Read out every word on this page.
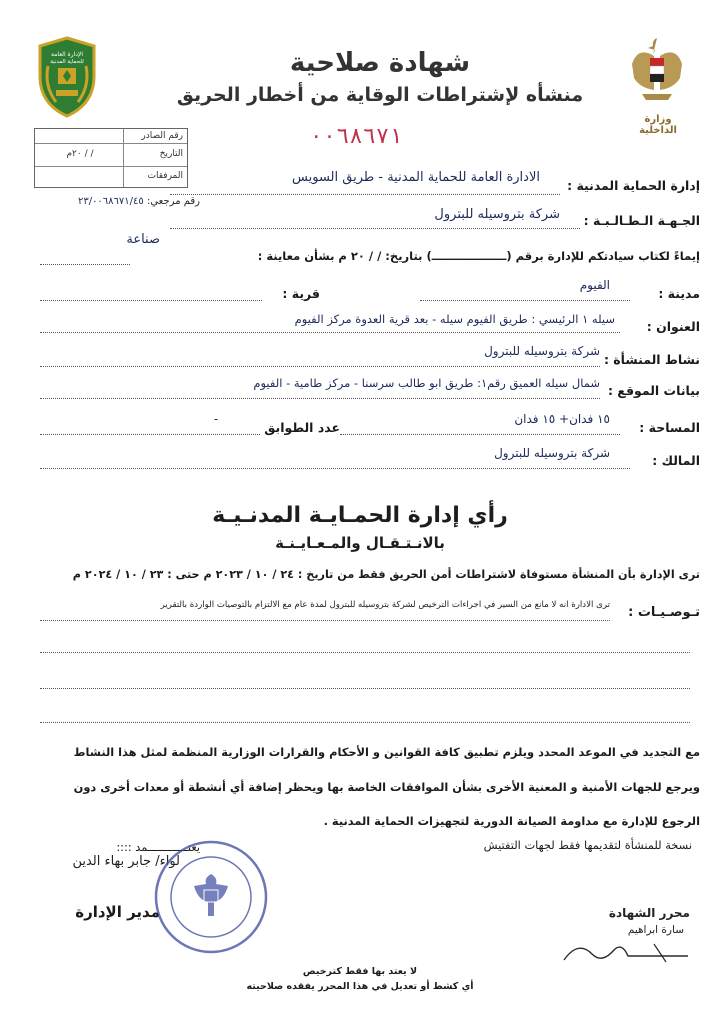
الإدارة العامة
للحماية المدنية
وزارة الداخلية
شهادة صلاحية
منشأه لإشتراطات الوقاية من أخطار الحريق
٠٠٦٨٦٧١
رقم الصادر
التاريخ
/ / ٢٠م
المرفقات
رقم مرجعي: ٢٣/٠٠٦٨٦٧١/٤٥
إدارة الحماية المدنية :
الادارة العامة للحماية المدنية - طريق السويس
الجـهـة الـطـالـبـة :
شركة بتروسيله للبترول
صناعة
إيماءً لكتاب سيادتكم للإدارة برقم (ـــــــــــــــــــ) بتاريخ: / / ٢٠ م بشأن معاينة :
مدينة :
الفيوم
قرية :
العنوان :
سيله ١ الرئيسي : طريق الفيوم سيله - بعد قرية العدوة مركز الفيوم
نشاط المنشأة :
شركة بتروسيله للبترول
بيانات الموقع :
شمال سيله العميق رقم١: طريق ابو طالب سرسنا - مركز طامية - الفيوم
المساحة :
١٥ فدان+ ١٥ فدان
عدد الطوابق
-
المالك :
شركة بتروسيله للبترول
رأي إدارة الحمـايـة المدنـيـة
بالانـتـقـال والمـعـايـنـة
ترى الإدارة بأن المنشأة مستوفاة لاشتراطات أمن الحريق فقط من تاريخ : ٢٤ / ١٠ / ٢٠٢٣ م حتى : ٢٣ / ١٠ / ٢٠٢٤ م
تـوصـيـات :
ترى الادارة انه لا مانع من السير في اجراءات الترخيص لشركة بتروسيله للبترول لمدة عام مع الالتزام بالتوصيات الواردة بالتقرير
مع التجديد في الموعد المحدد ويلزم تطبيق كافة القوانين و الأحكام والقرارات الوزارية المنظمة لمثل هذا النشاط
ويرجع للجهات الأمنية و المعنية الأخرى بشأن الموافقات الخاصة بها ويحظر إضافة أي أنشطة أو معدات أخرى دون
الرجوع للإدارة مع مداومة الصيانة الدورية لتجهيزات الحماية المدنية .
نسخة للمنشأة لتقديمها فقط لجهات التفتيش
يعتــــــــــــمد ::::
لواء/ جابر بهاء الدين
مدير الإدارة	محرر الشهادة
سارة ابراهيم
لا يعتد بها فقط كترخيص
أي كشط أو تعديل في هذا المحرر يفقده صلاحيته
